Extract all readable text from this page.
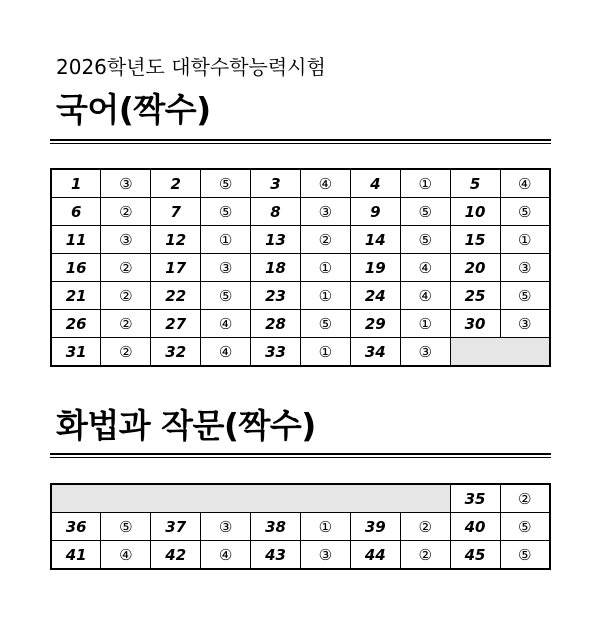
2026학년도 대학수학능력시험
국어(짝수)
1	③	2	⑤	3	④	4	①	5	④
6	②	7	⑤	8	③	9	⑤	10	⑤
11	③	12	①	13	②	14	⑤	15	①
16	②	17	③	18	①	19	④	20	③
21	②	22	⑤	23	①	24	④	25	⑤
26	②	27	④	28	⑤	29	①	30	③
31	②	32	④	33	①	34	③		
화법과 작문(짝수)
								35	②
36	⑤	37	③	38	①	39	②	40	⑤
41	④	42	④	43	③	44	②	45	⑤
